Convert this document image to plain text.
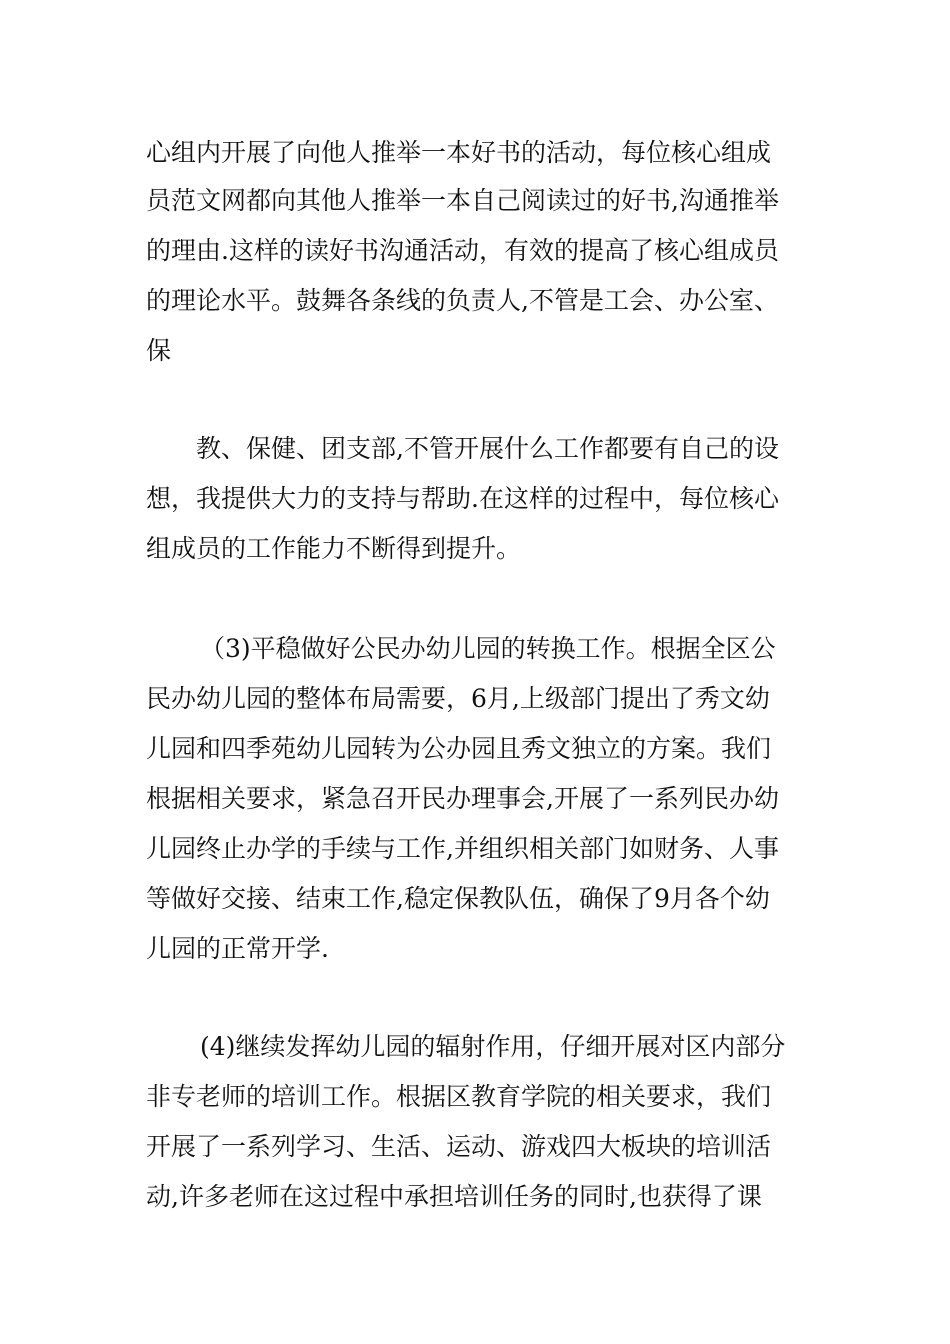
心组内开展了向他人推举一本好书的活动，每位核心组成
员范文网都向其他人推举一本自己阅读过的好书,沟通推举
的理由.这样的读好书沟通活动，有效的提高了核心组成员
的理论水平。鼓舞各条线的负责人,不管是工会、办公室、
保
教、保健、团支部,不管开展什么工作都要有自己的设
想，我提供大力的支持与帮助.在这样的过程中，每位核心
组成员的工作能力不断得到提升。
（3)平稳做好公民办幼儿园的转换工作。根据全区公
民办幼儿园的整体布局需要，6月,上级部门提出了秀文幼
儿园和四季苑幼儿园转为公办园且秀文独立的方案。我们
根据相关要求，紧急召开民办理事会,开展了一系列民办幼
儿园终止办学的手续与工作,并组织相关部门如财务、人事
等做好交接、结束工作,稳定保教队伍，确保了9月各个幼
儿园的正常开学.
(4)继续发挥幼儿园的辐射作用，仔细开展对区内部分
非专老师的培训工作。根据区教育学院的相关要求，我们
开展了一系列学习、生活、运动、游戏四大板块的培训活
动,许多老师在这过程中承担培训任务的同时,也获得了课
